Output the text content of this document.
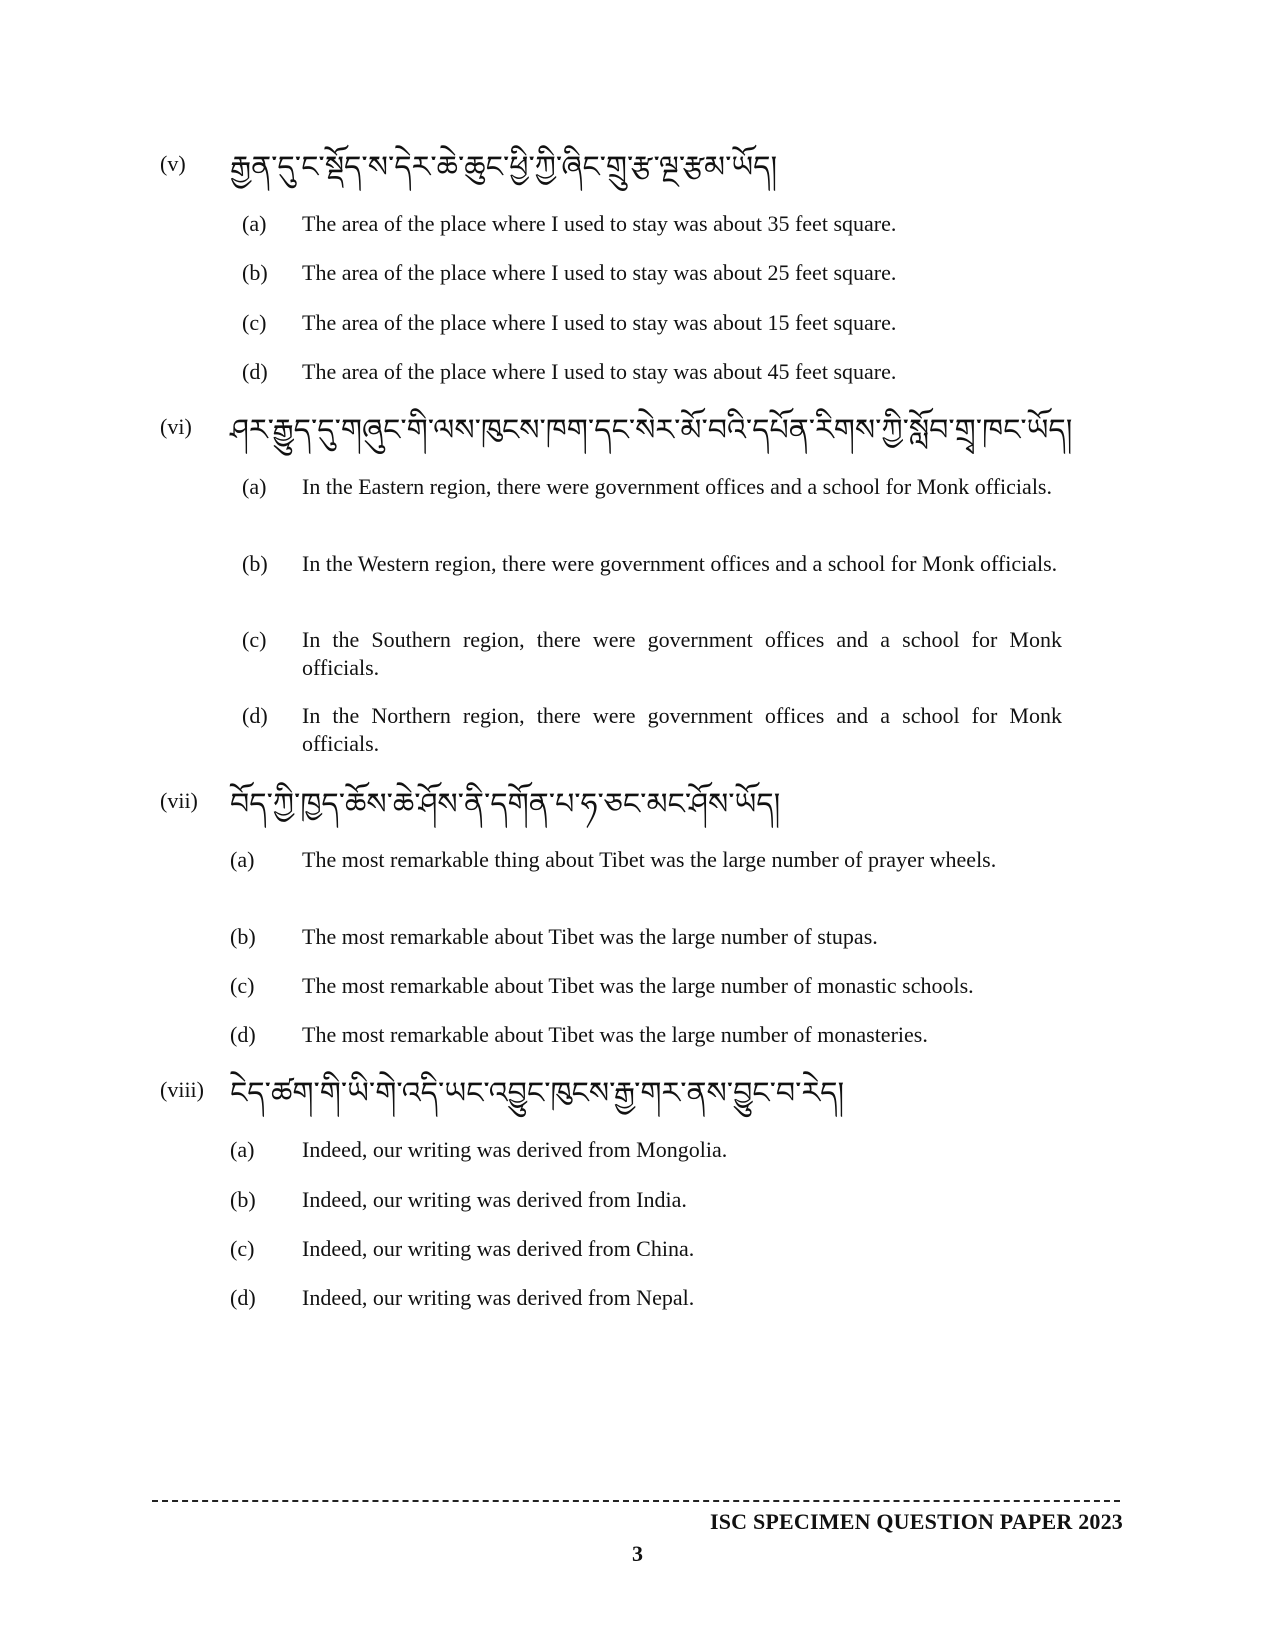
(v) རྒྱན་དུ་ང་སྡོད་ས་དེར་ཆེ་ཆུང་ཕྱི་ཀྱི་ཞིང་གྲུ་རྩ་ལྔ་རྩམ་ཡོད།
(a) The area of the place where I used to stay was about 35 feet square.
(b) The area of the place where I used to stay was about 25 feet square.
(c) The area of the place where I used to stay was about 15 feet square.
(d) The area of the place where I used to stay was about 45 feet square.
(vi) ཤར་རྒྱུད་དུ་གཞུང་གི་ལས་ཁུངས་ཁག་དང་སེར་མོ་བའི་དཔོན་རིགས་ཀྱི་སློབ་གྲྭ་ཁང་ཡོད།
(a) In the Eastern region, there were government offices and a school for Monk officials.
(b) In the Western region, there were government offices and a school for Monk officials.
(c) In the Southern region, there were government offices and a school for Monk officials.
(d) In the Northern region, there were government offices and a school for Monk officials.
(vii) བོད་ཀྱི་ཁྱད་ཆོས་ཆེ་ཤོས་ནི་དགོན་པ་ཧ་ཅང་མང་ཤོས་ཡོད།
(a) The most remarkable thing about Tibet was the large number of prayer wheels.
(b) The most remarkable about Tibet was the large number of stupas.
(c) The most remarkable about Tibet was the large number of monastic schools.
(d) The most remarkable about Tibet was the large number of monasteries.
(viii) ངེད་ཚག་གི་ཡི་གེ་འདི་ཡང་འབྱུང་ཁུངས་རྒྱ་གར་ནས་བྱུང་བ་རེད།
(a) Indeed, our writing was derived from Mongolia.
(b) Indeed, our writing was derived from India.
(c) Indeed, our writing was derived from China.
(d) Indeed, our writing was derived from Nepal.
ISC SPECIMEN QUESTION PAPER 2023
3
